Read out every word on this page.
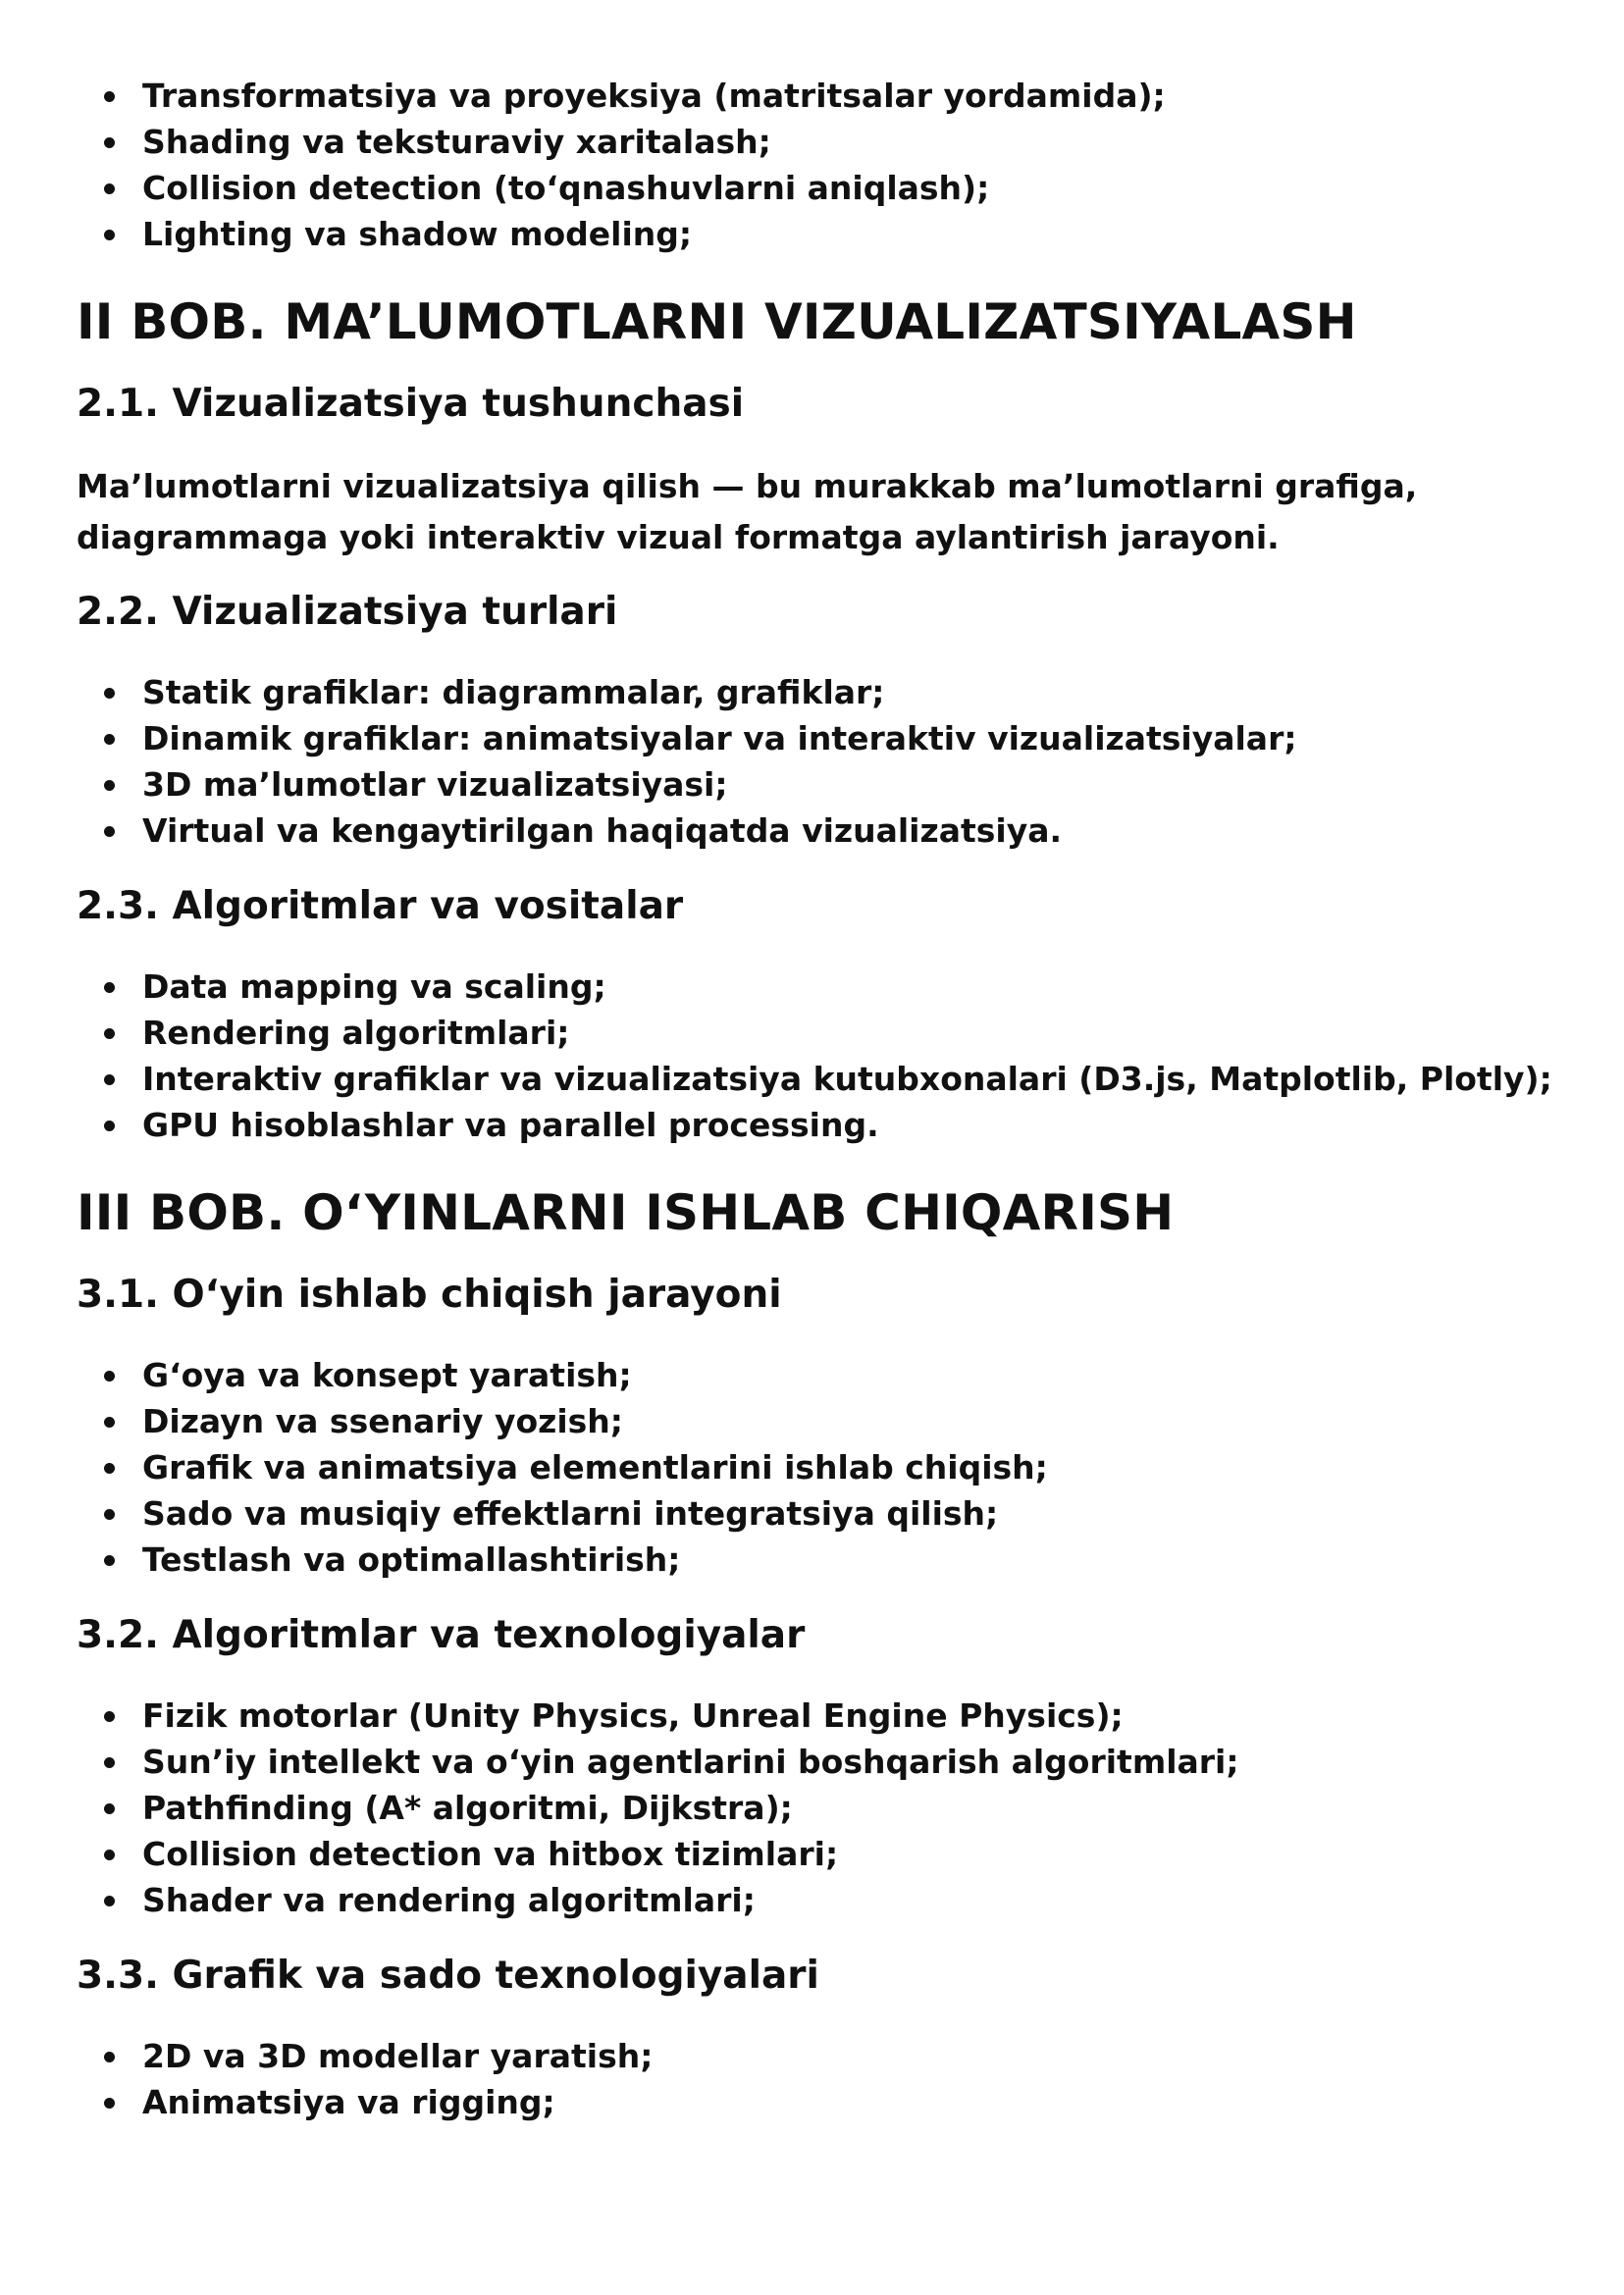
Transformatsiya va proyeksiya (matritsalar yordamida);
Shading va teksturaviy xaritalash;
Collision detection (to‘qnashuvlarni aniqlash);
Lighting va shadow modeling;
II BOB. MA’LUMOTLARNI VIZUALIZATSIYALASH
2.1. Vizualizatsiya tushunchasi

Ma’lumotlarni vizualizatsiya qilish — bu murakkab ma’lumotlarni grafiga, diagrammaga yoki interaktiv vizual formatga aylantirish jarayoni.

2.2. Vizualizatsiya turlari
Statik grafiklar: diagrammalar, grafiklar;
Dinamik grafiklar: animatsiyalar va interaktiv vizualizatsiyalar;
3D ma’lumotlar vizualizatsiyasi;
Virtual va kengaytirilgan haqiqatda vizualizatsiya.
2.3. Algoritmlar va vositalar
Data mapping va scaling;
Rendering algoritmlari;
Interaktiv grafiklar va vizualizatsiya kutubxonalari (D3.js, Matplotlib, Plotly);
GPU hisoblashlar va parallel processing.
III BOB. O‘YINLARNI ISHLAB CHIQARISH
3.1. O‘yin ishlab chiqish jarayoni
G‘oya va konsept yaratish;
Dizayn va ssenariy yozish;
Grafik va animatsiya elementlarini ishlab chiqish;
Sado va musiqiy effektlarni integratsiya qilish;
Testlash va optimallashtirish;
3.2. Algoritmlar va texnologiyalar
Fizik motorlar (Unity Physics, Unreal Engine Physics);
Sun’iy intellekt va o‘yin agentlarini boshqarish algoritmlari;
Pathfinding (A* algoritmi, Dijkstra);
Collision detection va hitbox tizimlari;
Shader va rendering algoritmlari;
3.3. Grafik va sado texnologiyalari
2D va 3D modellar yaratish;
Animatsiya va rigging;
